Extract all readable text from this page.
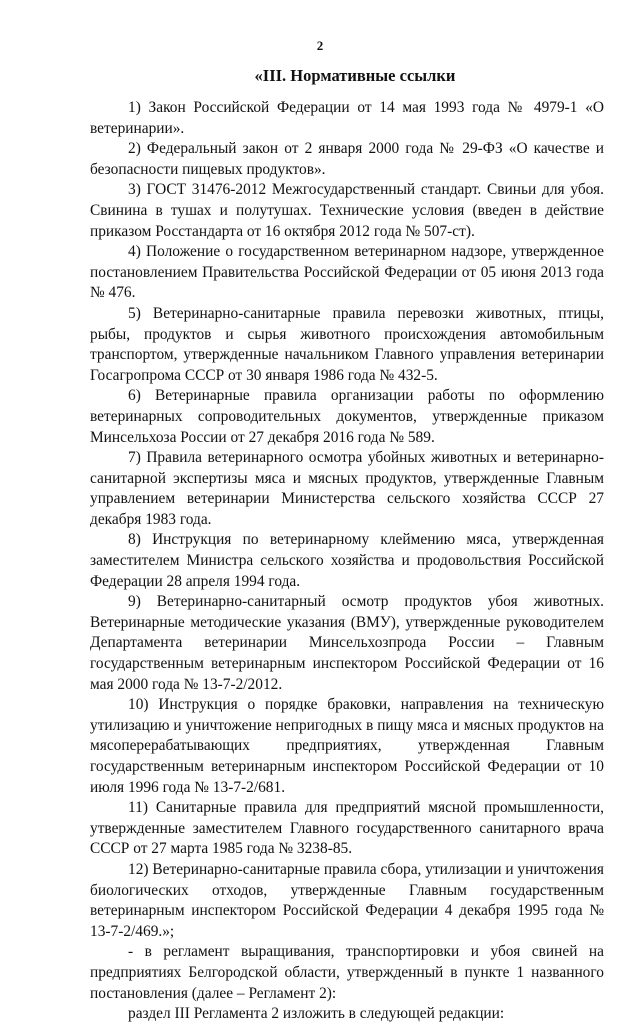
2
«III. Нормативные ссылки

1) Закон Российской Федерации от 14 мая 1993 года № 4979-1 «О ветеринарии».

2) Федеральный закон от 2 января 2000 года № 29-ФЗ «О качестве и безопасности пищевых продуктов».

3) ГОСТ 31476-2012 Межгосударственный стандарт. Свиньи для убоя. Свинина в тушах и полутушах. Технические условия (введен в действие приказом Росстандарта от 16 октября 2012 года № 507-ст).

4) Положение о государственном ветеринарном надзоре, утвержденное постановлением Правительства Российской Федерации от 05 июня 2013 года № 476.

5) Ветеринарно-санитарные правила перевозки животных, птицы, рыбы, продуктов и сырья животного происхождения автомобильным транспортом, утвержденные начальником Главного управления ветеринарии Госагропрома СССР от 30 января 1986 года № 432-5.

6) Ветеринарные правила организации работы по оформлению ветеринарных сопроводительных документов, утвержденные приказом Минсельхоза России от 27 декабря 2016 года № 589.

7) Правила ветеринарного осмотра убойных животных и ветеринарно-санитарной экспертизы мяса и мясных продуктов, утвержденные Главным управлением ветеринарии Министерства сельского хозяйства СССР 27 декабря 1983 года.

8) Инструкция по ветеринарному клеймению мяса, утвержденная заместителем Министра сельского хозяйства и продовольствия Российской Федерации 28 апреля 1994 года.

9) Ветеринарно-санитарный осмотр продуктов убоя животных. Ветеринарные методические указания (ВМУ), утвержденные руководителем Департамента ветеринарии Минсельхозпрода России – Главным государственным ветеринарным инспектором Российской Федерации от 16 мая 2000 года № 13-7-2/2012.

10) Инструкция о порядке браковки, направления на техническую утилизацию и уничтожение непригодных в пищу мяса и мясных продуктов на мясоперерабатывающих предприятиях, утвержденная Главным государственным ветеринарным инспектором Российской Федерации от 10 июля 1996 года № 13-7-2/681.

11) Санитарные правила для предприятий мясной промышленности, утвержденные заместителем Главного государственного санитарного врача СССР от 27 марта 1985 года № 3238-85.

12) Ветеринарно-санитарные правила сбора, утилизации и уничтожения биологических отходов, утвержденные Главным государственным ветеринарным инспектором Российской Федерации 4 декабря 1995 года № 13-7-2/469.»;

- в регламент выращивания, транспортировки и убоя свиней на предприятиях Белгородской области, утвержденный в пункте 1 названного постановления (далее – Регламент 2):

раздел III Регламента 2 изложить в следующей редакции:
